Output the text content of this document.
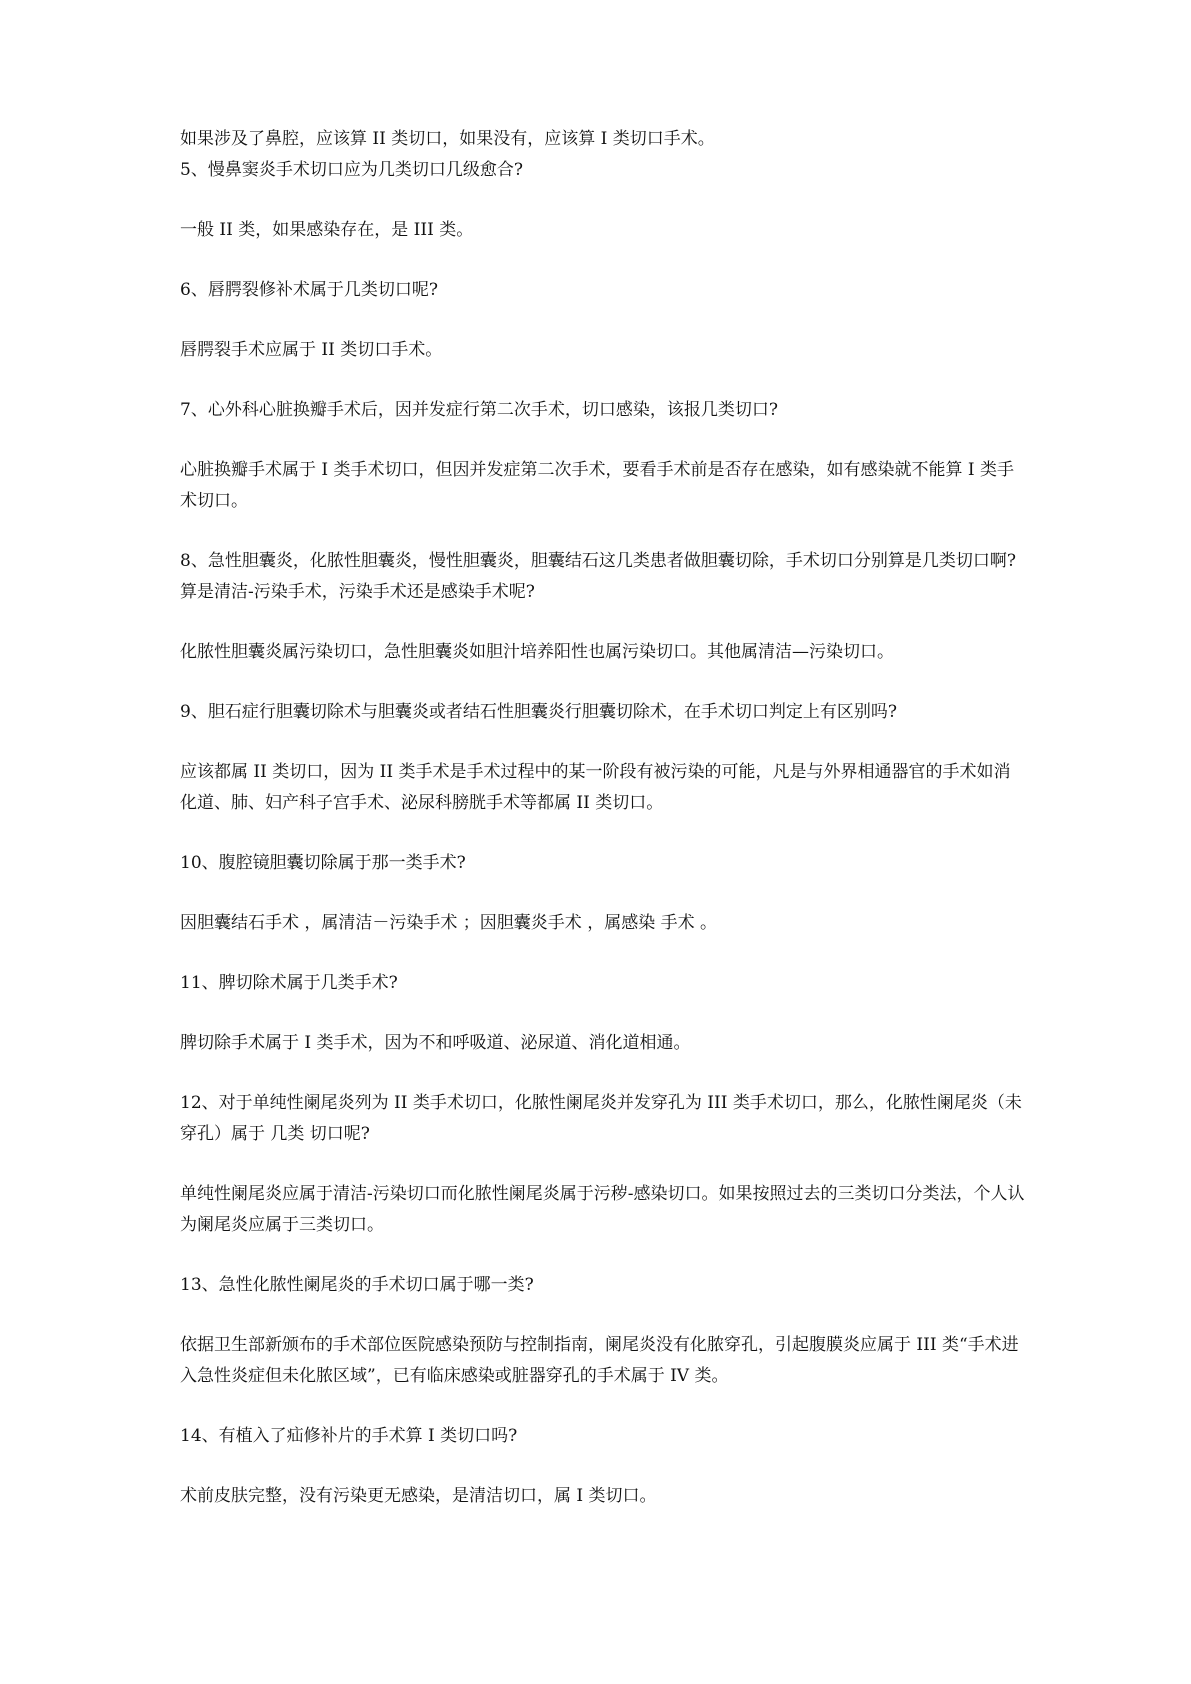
如果涉及了鼻腔，应该算 II 类切口，如果没有，应该算 I 类切口手术。

5、慢鼻窦炎手术切口应为几类切口几级愈合?

一般 II 类，如果感染存在，是 III 类。

6、唇腭裂修补术属于几类切口呢?

唇腭裂手术应属于 II 类切口手术。

7、心外科心脏换瓣手术后，因并发症行第二次手术，切口感染，该报几类切口?

心脏换瓣手术属于 I 类手术切口，但因并发症第二次手术，要看手术前是否存在感染，如有感染就不能算 I 类手术切口。

8、急性胆囊炎，化脓性胆囊炎，慢性胆囊炎，胆囊结石这几类患者做胆囊切除，手术切口分别算是几类切口啊? 算是清洁-污染手术，污染手术还是感染手术呢?

化脓性胆囊炎属污染切口，急性胆囊炎如胆汁培养阳性也属污染切口。其他属清洁—污染切口。

9、胆石症行胆囊切除术与胆囊炎或者结石性胆囊炎行胆囊切除术，在手术切口判定上有区别吗?

应该都属 II 类切口，因为 II 类手术是手术过程中的某一阶段有被污染的可能，凡是与外界相通器官的手术如消化道、肺、妇产科子宫手术、泌尿科膀胱手术等都属 II 类切口。

10、腹腔镜胆囊切除属于那一类手术?

因胆囊结石手术 ，属清洁－污染手术 ；因胆囊炎手术 ，属感染 手术 。

11、脾切除术属于几类手术?

脾切除手术属于 I 类手术，因为不和呼吸道、泌尿道、消化道相通。

12、对于单纯性阑尾炎列为 II 类手术切口，化脓性阑尾炎并发穿孔为 III 类手术切口，那么，化脓性阑尾炎（未穿孔）属于 几类 切口呢?

单纯性阑尾炎应属于清洁-污染切口而化脓性阑尾炎属于污秽-感染切口。如果按照过去的三类切口分类法，个人认为阑尾炎应属于三类切口。

13、急性化脓性阑尾炎的手术切口属于哪一类?

依据卫生部新颁布的手术部位医院感染预防与控制指南，阑尾炎没有化脓穿孔，引起腹膜炎应属于 III 类“手术进入急性炎症但未化脓区域”，已有临床感染或脏器穿孔的手术属于 IV 类。

14、有植入了疝修补片的手术算 I 类切口吗?

术前皮肤完整，没有污染更无感染，是清洁切口，属 I 类切口。
